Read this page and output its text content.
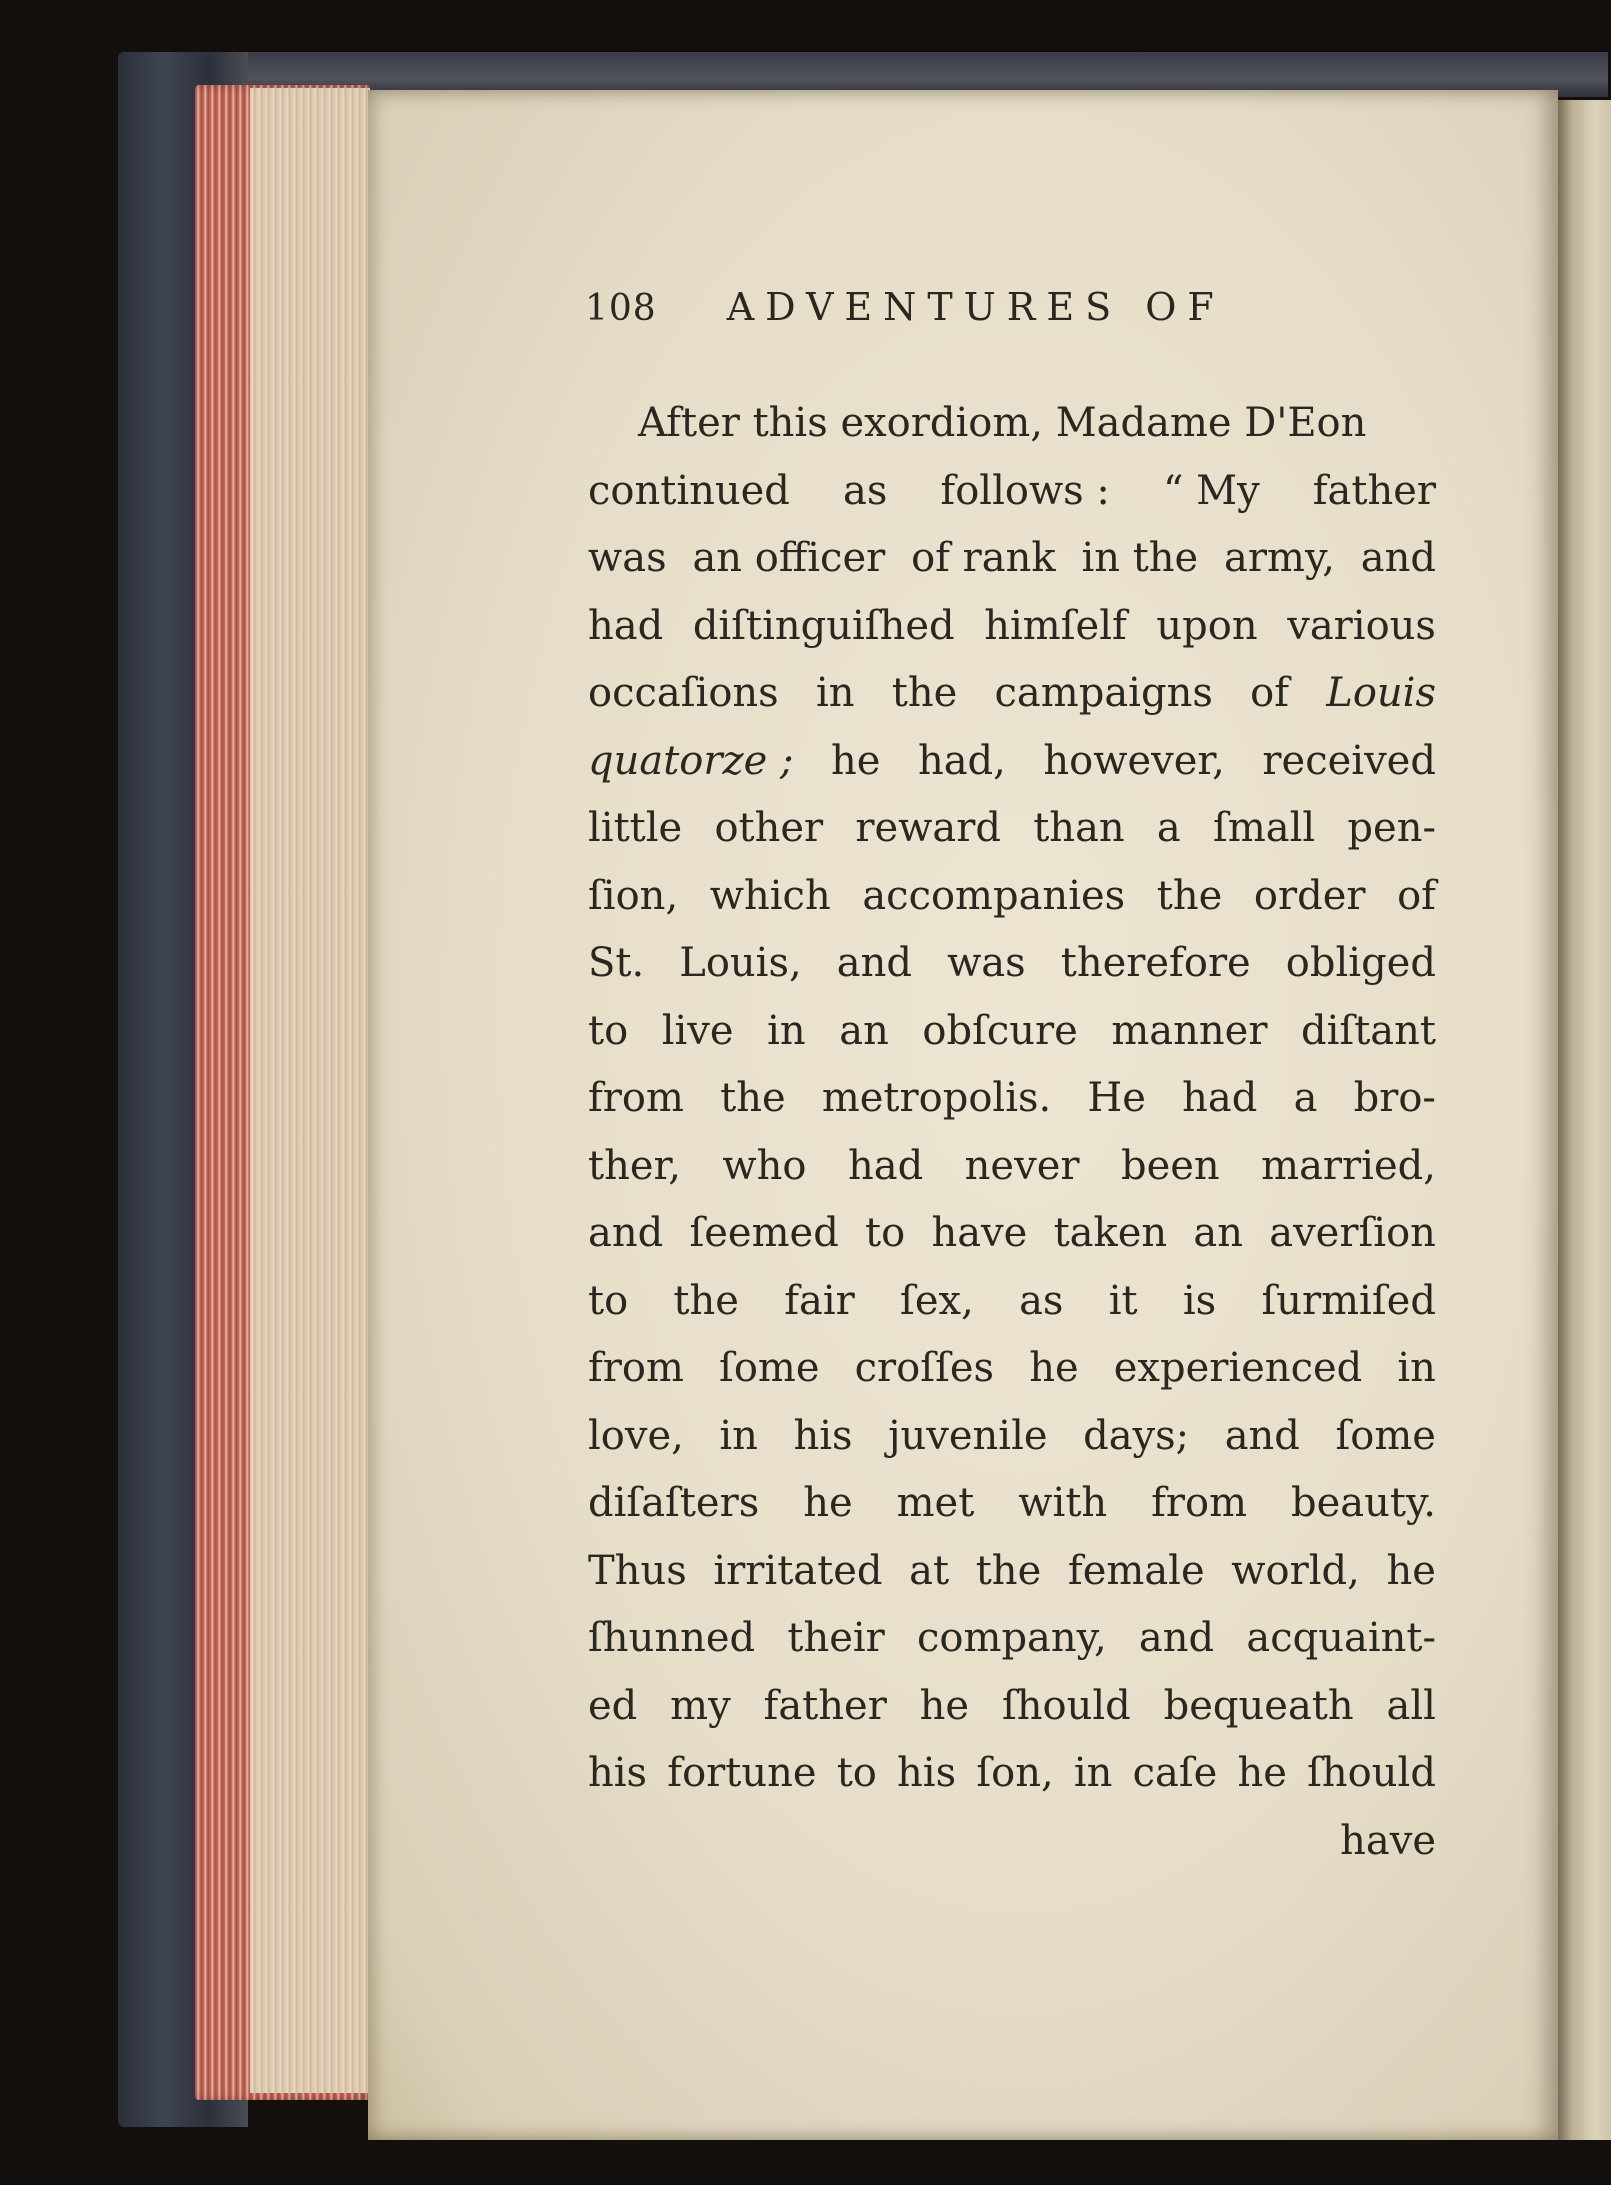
108 ADVENTURES OF
After this exordiom, Madame D'Eon
continued as follows : “ My father
was an officer of rank in the army, and
had diſtinguiſhed himſelf upon various
occaſions in the campaigns of Louis
quatorze ; he had, however, received
little other reward than a ſmall pen-
ſion, which accompanies the order of
St. Louis, and was therefore obliged
to live in an obſcure manner diſtant
from the metropolis. He had a bro-
ther, who had never been married,
and ſeemed to have taken an averſion
to the fair ſex, as it is ſurmiſed
from ſome croſſes he experienced in
love, in his juvenile days; and ſome
diſaſters he met with from beauty.
Thus irritated at the female world, he
ſhunned their company, and acquaint-
ed my father he ſhould bequeath all
his fortune to his ſon, in caſe he ſhould
have
